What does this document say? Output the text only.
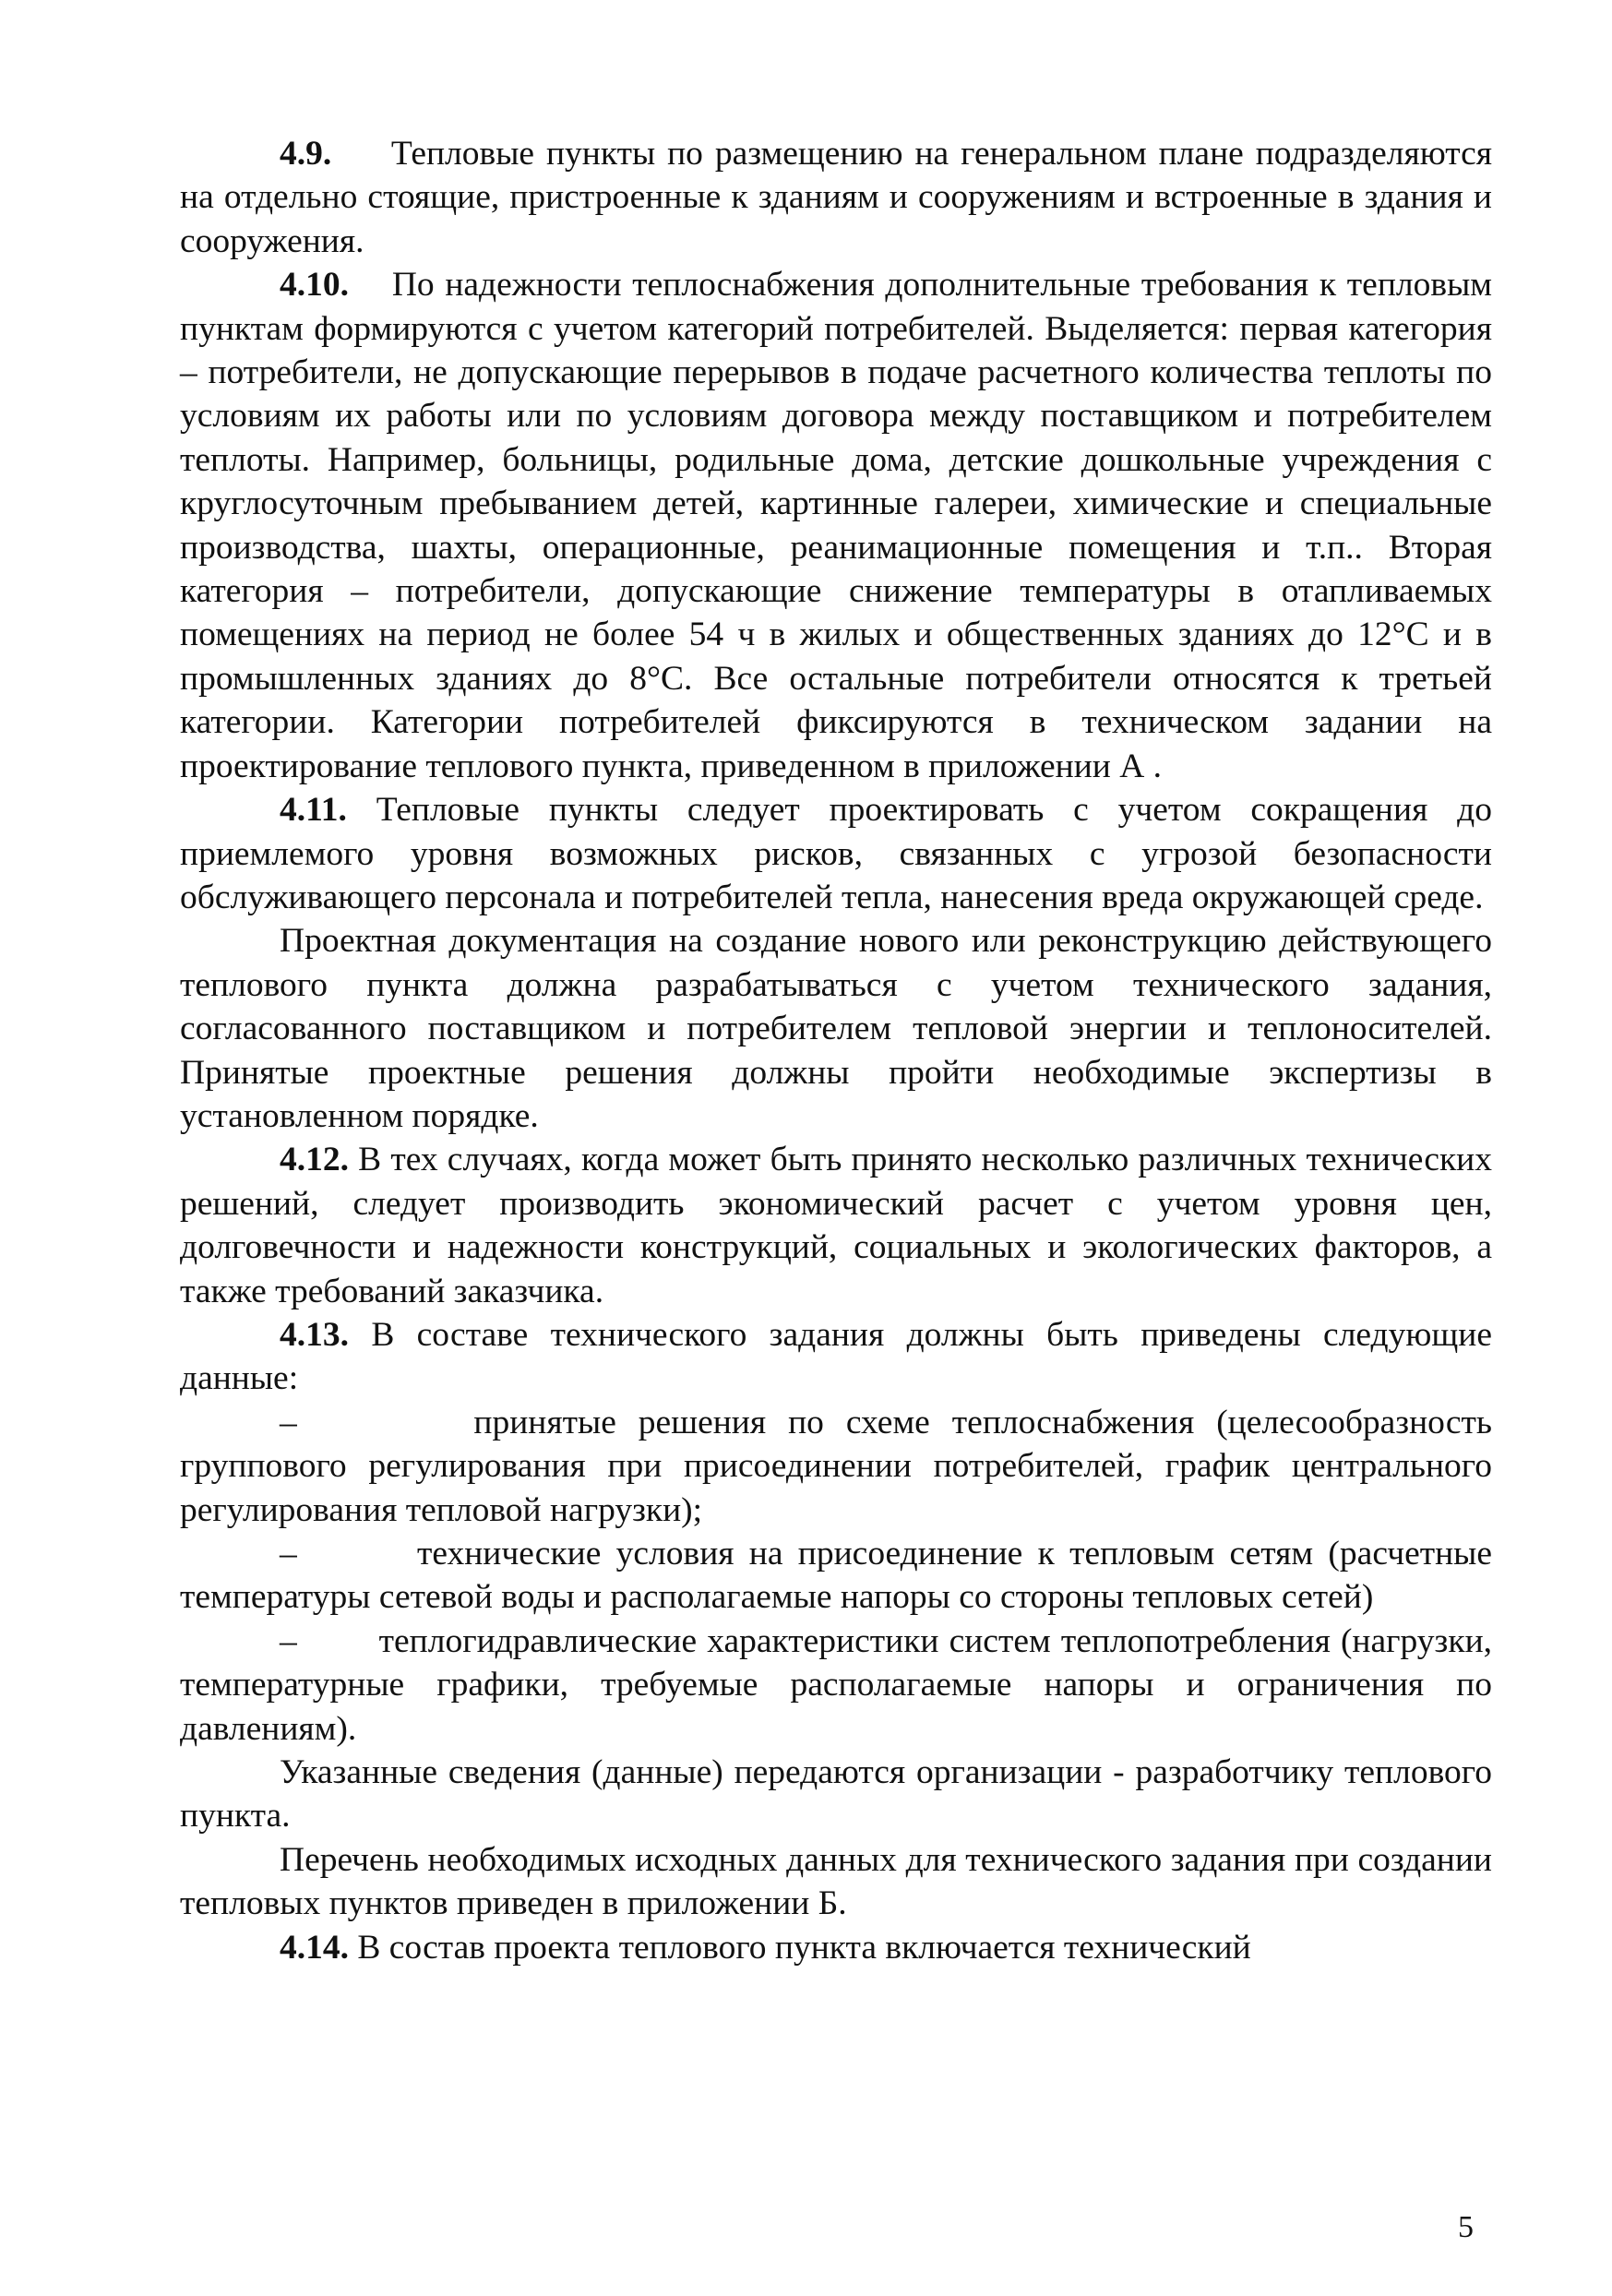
4.9. Тепловые пункты по размещению на генеральном плане подразделяются на отдельно стоящие, пристроенные к зданиям и сооружениям и встроенные в здания и сооружения.

4.10. По надежности теплоснабжения дополнительные требования к тепловым пунктам формируются с учетом категорий потребителей. Выделяется: первая категория – потребители, не допускающие перерывов в подаче расчетного количества теплоты по условиям их работы или по условиям договора между поставщиком и потребителем теплоты. Например, больницы, родильные дома, детские дошкольные учреждения с круглосуточным пребыванием детей, картинные галереи, химические и специальные производства, шахты, операционные, реанимационные помещения и т.п.. Вторая категория – потребители, допускающие снижение температуры в отапливаемых помещениях на период не более 54 ч в жилых и общественных зданиях до 12°С и в промышленных зданиях до 8°С. Все остальные потребители относятся к третьей категории. Категории потребителей фиксируются в техническом задании на проектирование теплового пункта, приведенном в приложении А .

4.11. Тепловые пункты следует проектировать с учетом сокращения до приемлемого уровня возможных рисков, связанных с угрозой безопасности обслуживающего персонала и потребителей тепла, нанесения вреда окружающей среде.

Проектная документация на создание нового или реконструкцию действующего теплового пункта должна разрабатываться с учетом технического задания, согласованного поставщиком и потребителем тепловой энергии и теплоносителей. Принятые проектные решения должны пройти необходимые экспертизы в установленном порядке.

4.12. В тех случаях, когда может быть принято несколько различных технических решений, следует производить экономический расчет с учетом уровня цен, долговечности и надежности конструкций, социальных и экологических факторов, а также требований заказчика.

4.13. В составе технического задания должны быть приведены следующие данные:

–	принятые решения по схеме теплоснабжения (целесообразность группового регулирования при присоединении потребителей, график центрального регулирования тепловой нагрузки);

–	технические условия на присоединение к тепловым сетям (расчетные температуры сетевой воды и располагаемые напоры со стороны тепловых сетей)

– теплогидравлические характеристики систем теплопотребления (нагрузки, температурные графики, требуемые располагаемые напоры и ограничения по давлениям).

Указанные сведения (данные) передаются организации - разработчику теплового пункта.

Перечень необходимых исходных данных для технического задания при создании тепловых пунктов приведен в приложении Б.

4.14. В состав проекта теплового пункта включается технический

5
